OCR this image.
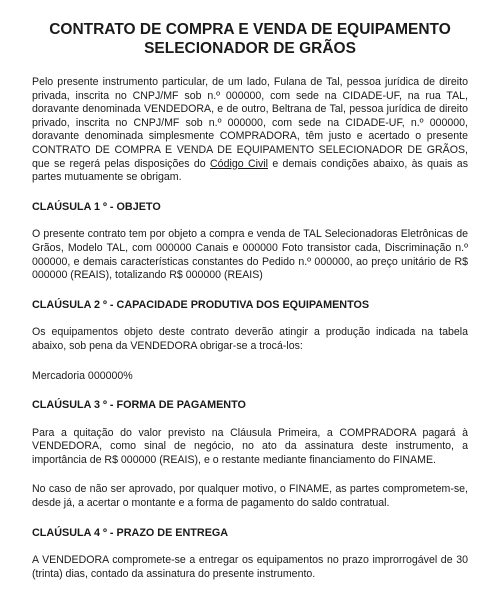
CONTRATO DE COMPRA E VENDA DE EQUIPAMENTO
SELECIONADOR DE GRÃOS

Pelo presente instrumento particular, de um lado, Fulana de Tal, pessoa jurídica de direito privada, inscrita no CNPJ/MF sob n.º 000000, com sede na CIDADE-UF, na rua TAL, doravante denominada VENDEDORA, e de outro, Beltrana de Tal, pessoa jurídica de direito privado, inscrita no CNPJ/MF sob n.º 000000, com sede na CIDADE-UF, n.º 000000, doravante denominada simplesmente COMPRADORA, têm justo e acertado o presente CONTRATO DE COMPRA E VENDA DE EQUIPAMENTO SELECIONADOR DE GRÃOS, que se regerá pelas disposições do Código Civil e demais condições abaixo, às quais as partes mutuamente se obrigam.

CLAÚSULA 1 º - OBJETO

O presente contrato tem por objeto a compra e venda de TAL Selecionadoras Eletrônicas de Grãos, Modelo TAL, com 000000 Canais e 000000 Foto transistor cada, Discriminação n.º 000000, e demais características constantes do Pedido n.º 000000, ao preço unitário de R$ 000000 (REAIS), totalizando R$ 000000 (REAIS)

CLAÚSULA 2 º - CAPACIDADE PRODUTIVA DOS EQUIPAMENTOS

Os equipamentos objeto deste contrato deverão atingir a produção indicada na tabela abaixo, sob pena da VENDEDORA obrigar-se a trocá-los:

Mercadoria 000000%

CLAÚSULA 3 º - FORMA DE PAGAMENTO

Para a quitação do valor previsto na Cláusula Primeira, a COMPRADORA pagará à VENDEDORA, como sinal de negócio, no ato da assinatura deste instrumento, a importância de R$ 000000 (REAIS), e o restante mediante financiamento do FINAME.

No caso de não ser aprovado, por qualquer motivo, o FINAME, as partes comprometem-se, desde já, a acertar o montante e a forma de pagamento do saldo contratual.

CLAÚSULA 4 º - PRAZO DE ENTREGA

A VENDEDORA compromete-se a entregar os equipamentos no prazo improrrogável de 30 (trinta) dias, contado da assinatura do presente instrumento.
